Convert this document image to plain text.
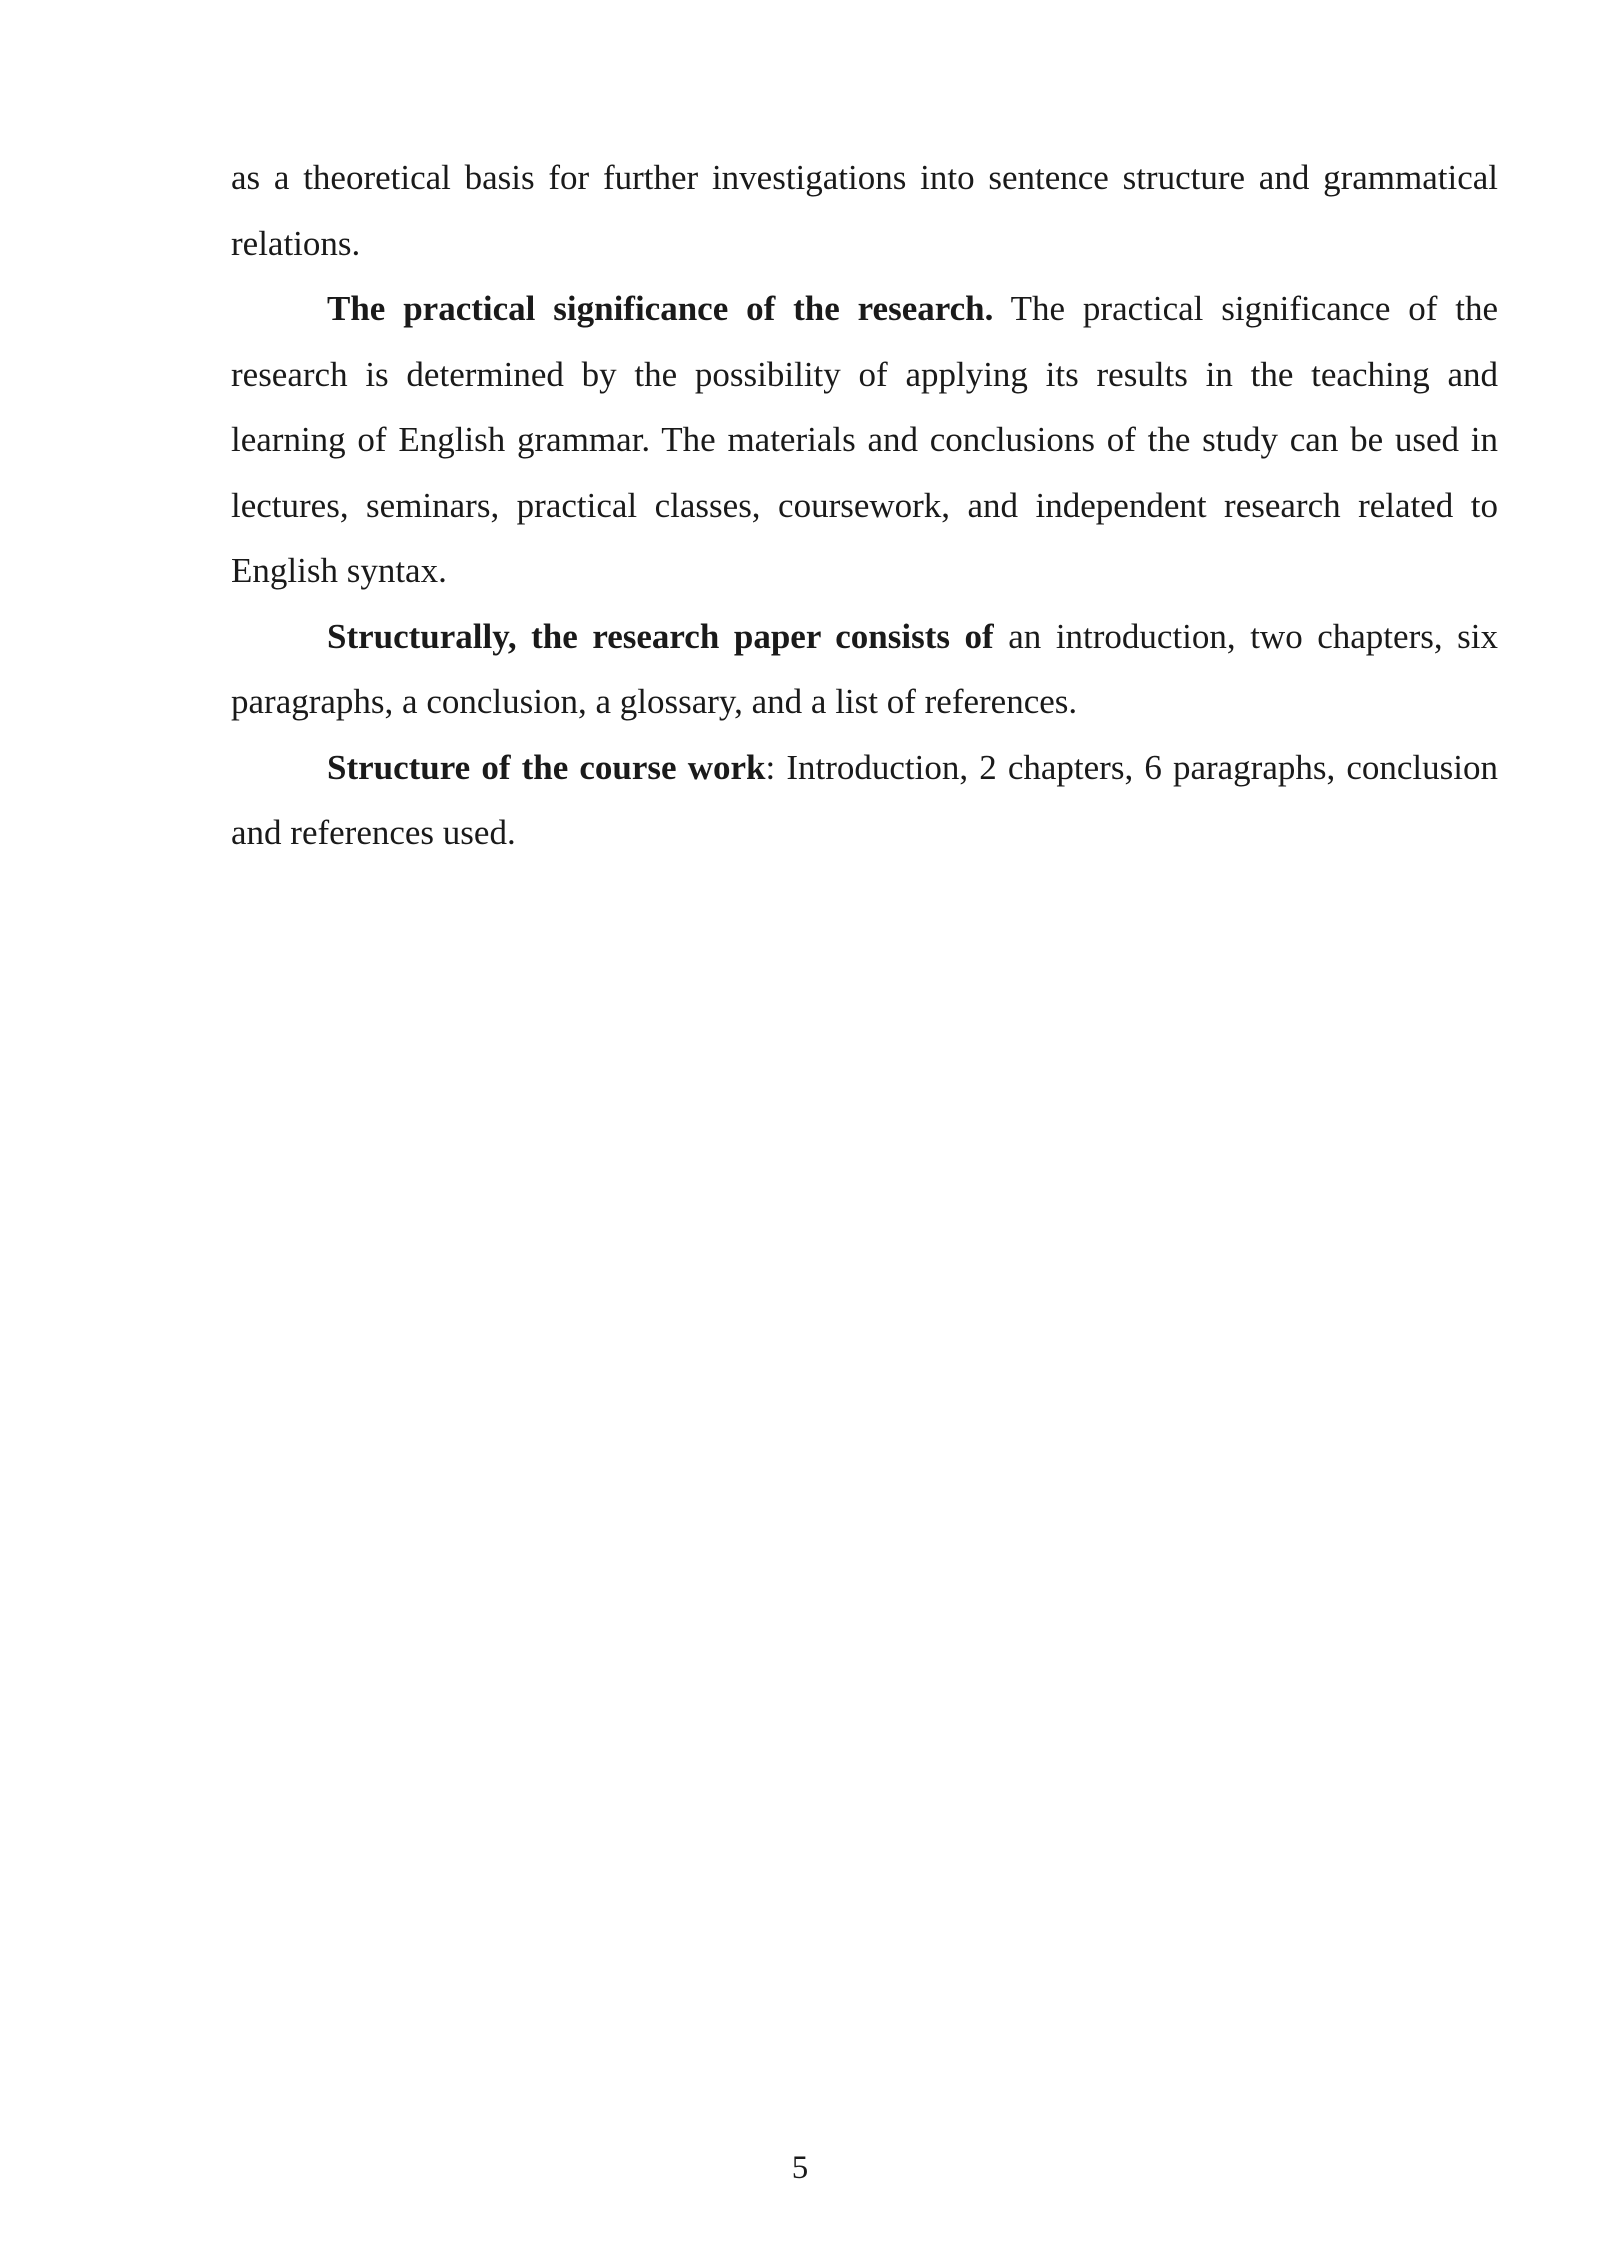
as a theoretical basis for further investigations into sentence structure and grammatical relations.

The practical significance of the research. The practical significance of the research is determined by the possibility of applying its results in the teaching and learning of English grammar. The materials and conclusions of the study can be used in lectures, seminars, practical classes, coursework, and independent research related to English syntax.

Structurally, the research paper consists of an introduction, two chapters, six paragraphs, a conclusion, a glossary, and a list of references.

Structure of the course work: Introduction, 2 chapters, 6 paragraphs, conclusion and references used.

5
